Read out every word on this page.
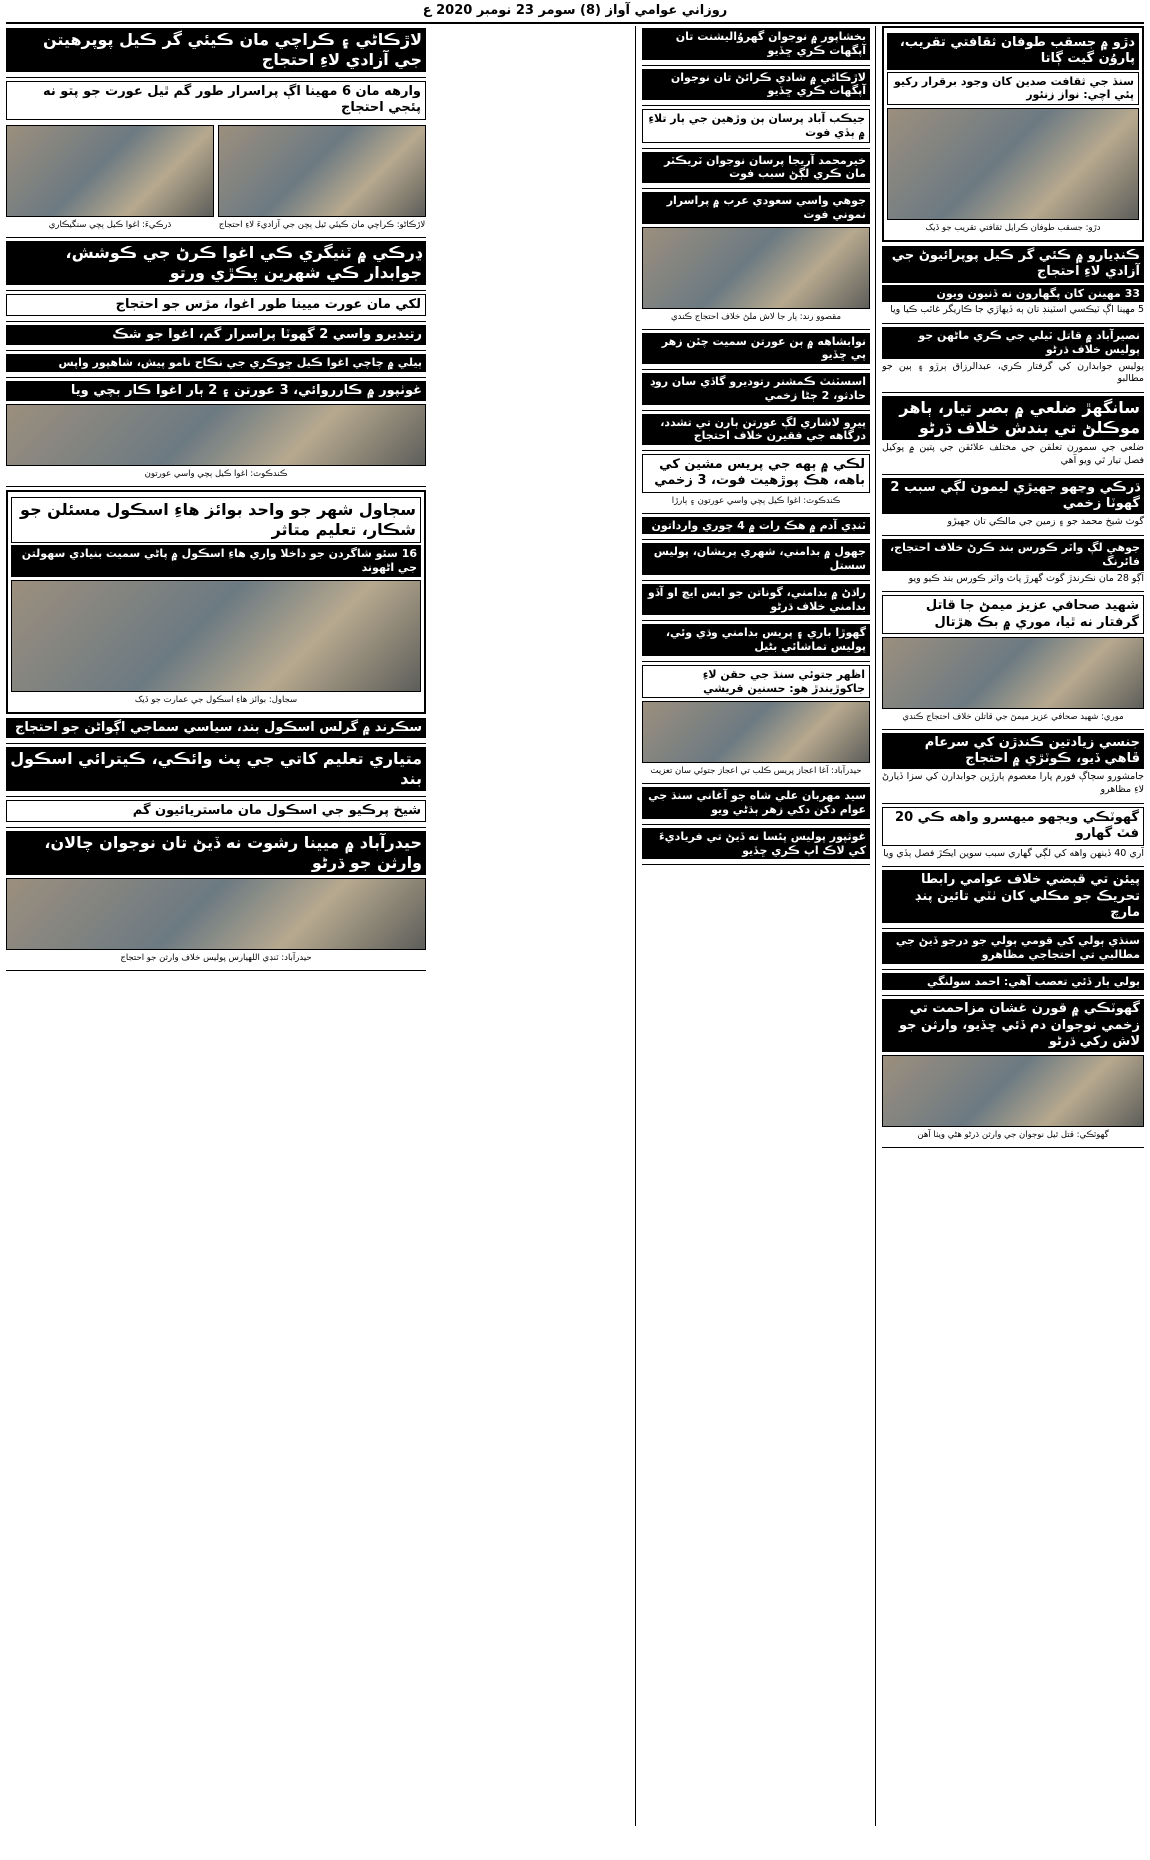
روزاني عوامي آواز (8) سومر 23 نومبر 2020 ع
دڙو ۾ جسقب طوفان ثقافتي تقريب، پاروُن گيت ڳاتا
سنڌ جي ثقافت صدين کان وجود برقرار رکيو پئي اچي: نواز زنئور
دڙو: جسقب طوفان ڪرايل ثقافتي تقريب جو ڏيک
ڪنڊيارو ۾ ڪئي گر ڪيل پوپرائيوڻ جي آزادي لاءِ احتجاج
33 مهينن کان پگهارون نه ڏنيون ويون
5 مهينا اڳ ٽيڪسي اسٽينڊ تان ٻه ڏيهاڙي جا ڪاريگر غائب ڪيا ويا
نصيرآباد ۾ قاتل ٽيلي جي ڪري ماڻهن جو پوليس خلاف ڌرڻو
پوليس جوابدارن کي گرفتار ڪري، عبدالرزاق ٻرڙو ۽ ٻين جو مطالبو
سانگهڙ ضلعي ۾ بصر تيار، ٻاهر موڪلڻ تي بندش خلاف ڌرڻو
ضلعي جي سمورن تعلقن جي مختلف علائقن جي پتين ۾ پوکيل فصل تيار ٿي ويو آهي
ڌرڪي وڃهو جهيڙي ليمون لڳي سبب 2 گهوٽا زخمي
گوٺ شيخ محمد جو ۽ زمين جي مالڪي تان جهيڙو
جوهي لڳ واٽر ڪورس بند ڪرڻ خلاف احتجاج، فائرنگ
آڳو 28 مان نڪرندڙ گوٺ گهرڙ پاٽ واٽر ڪورس بند ڪيو ويو
شهيد صحافي عزيز ميمڻ جا قاتل گرفتار نه ٿيا، موري ۾ بڪ هڙتال
موري: شهيد صحافي عزيز ميمڻ جي قاتلن خلاف احتجاج ڪندي
جنسي زيادتين ڪندڙن کي سرعام ڦاهي ڏيو، ڪوٽڙي ۾ احتجاج
جامشورو سڄاڳ فورم پارا معصوم ٻارڙين جوابدارن کي سزا ڏيارڻ لاءِ مظاهرو
گهوٽڪي ويجهو ميهسرو واهه ڪي 20 فٽ گهارو
آري 40 ڏينهن واهه کي لڳي گهاري سبب سوين ايڪڙ فصل ٻڏي ويا
پيئن تي قبضي خلاف عوامي رابطا تحريڪ جو مڪلي کان ٺٽي تائين پنڊ مارچ
سنڌي ٻولي کي قومي ٻولي جو درجو ڏيڻ جي مطالبي تي احتجاجي مظاهرو
ٻولي ٻار ڏئي تعصب آهي: احمد سولنگي
گهوٽڪي ۾ قورن غشان مزاحمت تي زخمي نوجوان دم ڏئي ڇڏيو، وارثن جو لاش رکي ڌرڻو
گهوٽڪي: قتل ٿيل نوجوان جي وارثن ڌرڻو هڻي ويٺا آهن
بخشاپور ۾ نوجوان گهروُاليشنت تان آپگهات ڪري ڇڏيو
لاڙڪاڻي ۾ شادي ڪرائڻ تان نوجوان آپگهات ڪري ڇڏيو
جيڪب آباد پرسان ٻن وڙهين جي ٻار تلاءِ ۾ ٻڏي فوت
خيرمحمد آريجا پرسان نوجوان ٽريڪٽر مان ڪري لڳڻ سبب فوت
جوهي واسي سعودي عرب ۾ پراسرار نموني فوت
مقصوو رند: ٻار جا لاش ملڻ خلاف احتجاج ڪندي
نوابشاهه ۾ ٻن عورتن سميت چئن زهر پي ڇڏيو
اسسٽنٽ ڪمشنر رتوديرو گاڏي سان روڊ حادثو، 2 ڄڻا زخمي
پيرو لاشاري لڳ عورتن ٻارن تي تشدد، درگاهه جي فقيرن خلاف احتجاج
لڪي ۾ ٻهه جي پريس مشين کي باهه، هڪ پوڙهيت فوت، 3 زخمي
ڪندڪوٽ: اغوا ڪيل ٻچي واسي عورتون ۽ ٻارڙا
ٽنڊي آدم ۾ هڪ رات ۾ 4 چوري وارداتون
جهول ۾ بدامني، شهري پريشان، پوليس سستل
راڌڻ ۾ بدامني، گوناتن جو ايس ايڇ او آڏو بدامني خلاف ڌرڻو
گهوڙا باري ۽ پريس بدامني وڌي وئي، پوليس تماشائي بڻيل
اظهر جتوئي سنڌ جي حقن لاءِ جاکوڙيندڙ هو: حسنين قريشي
حيدرآباد: آغا اعجاز پريس ڪلب تي اعجاز جتوئي سان تعزيت
سيد مهربان علي شاه جو آغاني سنڌ جي عوام دکن دکي زهر ٻڌڻي ويو
غوثپور پوليس پئسا نه ڏيڻ تي فرياديءَ کي لاڪ اپ ڪري ڇڏيو
لاڙڪاڻي ۽ ڪراچي مان ڪيئي گر ڪيل پوپرهيتن جي آزادي لاءِ احتجاج
وارهه مان 6 مهينا اڳ پراسرار طور گم ٿيل عورت جو پتو نه پئجي احتجاج
لاڙڪاڻو: ڪراچي مان ڪيئي ٿيل ٻچن جي آزاديءَ لاءِ احتجاج
ڌرڪيءَ: اغوا ڪيل ٻچي سنگيڪاري
ڍرڪي ۾ ٽنيگري ڪي اغوا ڪرڻ جي ڪوشش، جوابدار ڪي شهرين پڪڙي ورتو
لکي مان عورت ميينا طور اغوا، مڙس جو احتجاج
رتيديرو واسي 2 گهوٽا پراسرار گم، اغوا جو شڪ
ٻيلي ۾ چاچي اغوا ڪيل ڇوڪري جي نڪاح نامو پيش، شاهپور واپس
غوٺپور ۾ ڪارروائي، 3 عورتن ۽ 2 ٻار اغوا ڪار بچي ويا
ڪندڪوٽ: اغوا ڪيل ٻچي واسي عورتون
سجاول شهر جو واحد بوائز هاءِ اسڪول مسئلن جو شڪار، تعليم متاثر
16 سئو شاگردن جو داخلا واري هاءِ اسڪول ۾ پاڻي سميت بنيادي سهولتن جي اڻهوند
سجاول: بوائز هاءِ اسڪول جي عمارت جو ڏيک
سڪرند ۾ گرلس اسڪول بند، سياسي سماجي اڳواڻن جو احتجاج
متياري تعليم کاتي جي پٺ وائڪي، ڪيترائي اسڪول بند
شيخ پرڪيو جي اسڪول مان ماستريائيون گم
حيدرآباد ۾ ميينا رشوت نه ڏيڻ تان نوجوان چالان، وارثن جو ڌرڻو
حيدرآباد: ٽنڊي اللهيارس پوليس خلاف وارثن جو احتجاج
